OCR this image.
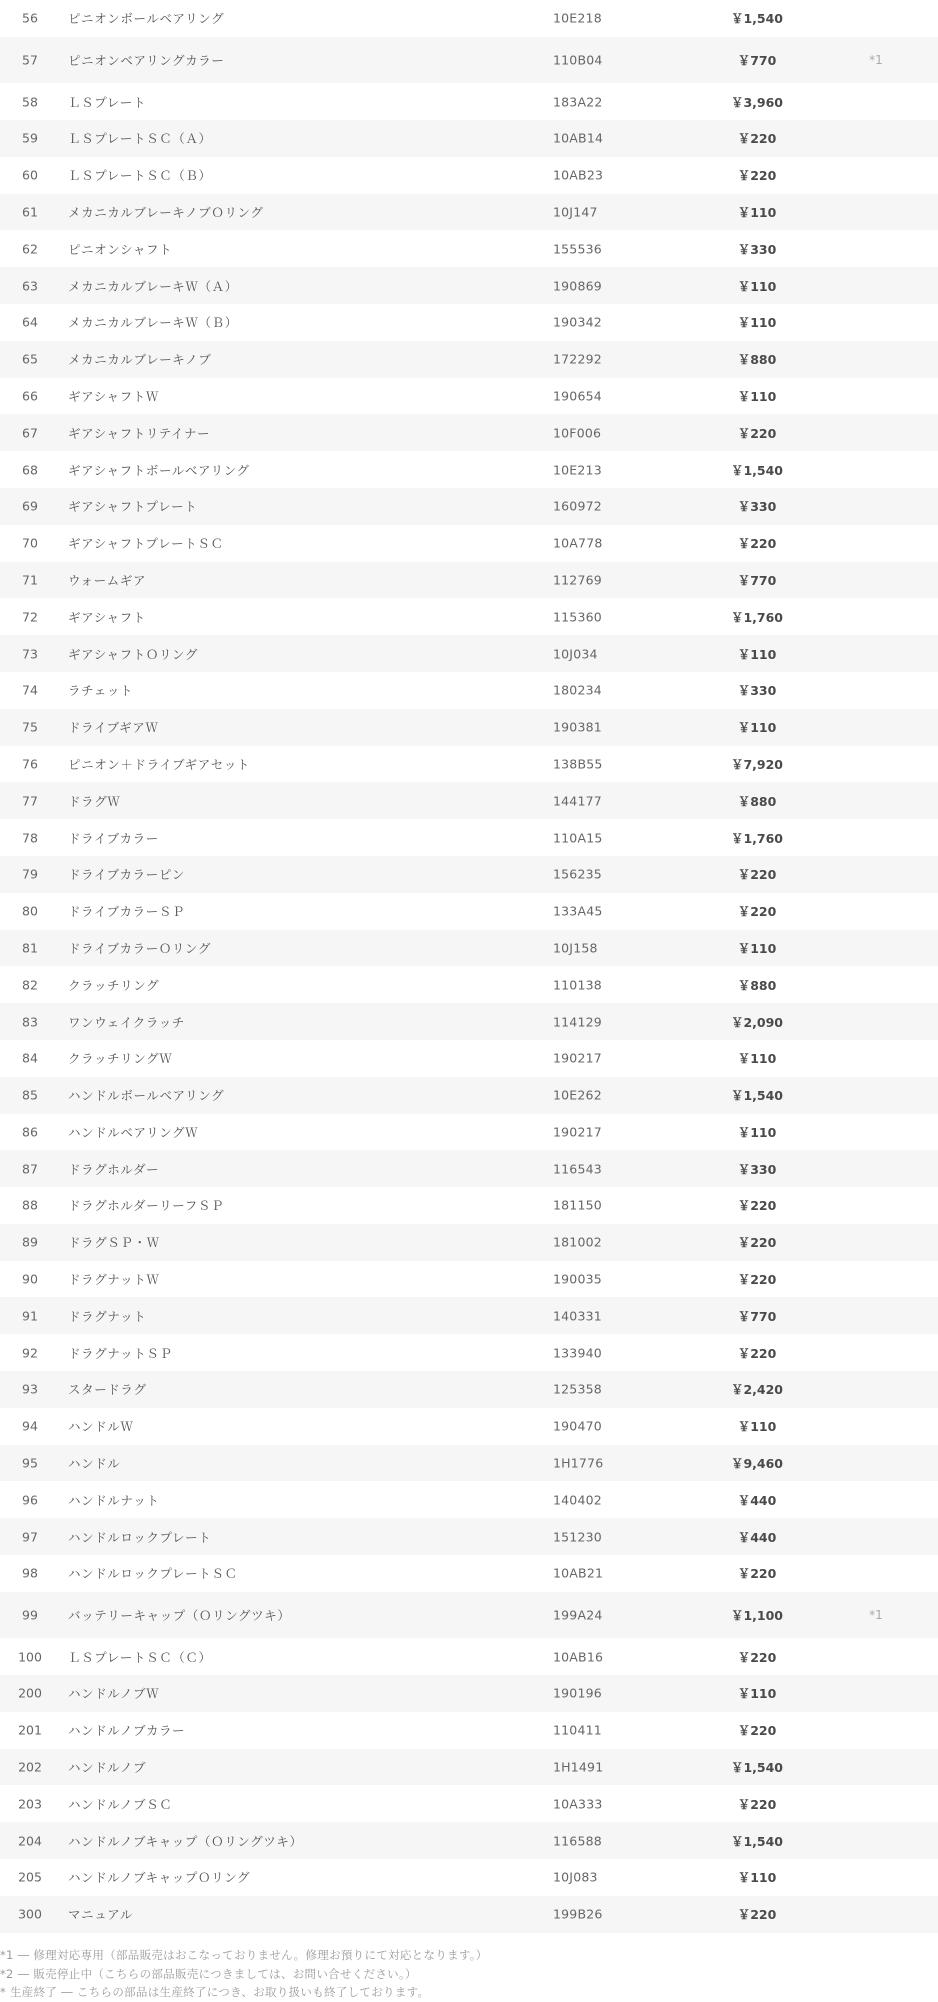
56	ピニオンボールベアリング	10E218	￥1,540
57	ピニオンベアリングカラー	110B04	￥770	*1
58	ＬＳプレート	183A22	￥3,960
59	ＬＳプレートＳＣ（Ａ）	10AB14	￥220
60	ＬＳプレートＳＣ（Ｂ）	10AB23	￥220
61	メカニカルブレーキノブＯリング	10J147	￥110
62	ピニオンシャフト	155536	￥330
63	メカニカルブレーキＷ（Ａ）	190869	￥110
64	メカニカルブレーキＷ（Ｂ）	190342	￥110
65	メカニカルブレーキノブ	172292	￥880
66	ギアシャフトＷ	190654	￥110
67	ギアシャフトリテイナー	10F006	￥220
68	ギアシャフトボールベアリング	10E213	￥1,540
69	ギアシャフトプレート	160972	￥330
70	ギアシャフトプレートＳＣ	10A778	￥220
71	ウォームギア	112769	￥770
72	ギアシャフト	115360	￥1,760
73	ギアシャフトＯリング	10J034	￥110
74	ラチェット	180234	￥330
75	ドライブギアＷ	190381	￥110
76	ピニオン＋ドライブギアセット	138B55	￥7,920
77	ドラグＷ	144177	￥880
78	ドライブカラー	110A15	￥1,760
79	ドライブカラーピン	156235	￥220
80	ドライブカラーＳＰ	133A45	￥220
81	ドライブカラーＯリング	10J158	￥110
82	クラッチリング	110138	￥880
83	ワンウェイクラッチ	114129	￥2,090
84	クラッチリングＷ	190217	￥110
85	ハンドルボールベアリング	10E262	￥1,540
86	ハンドルベアリングＷ	190217	￥110
87	ドラグホルダー	116543	￥330
88	ドラグホルダーリーフＳＰ	181150	￥220
89	ドラグＳＰ・Ｗ	181002	￥220
90	ドラグナットＷ	190035	￥220
91	ドラグナット	140331	￥770
92	ドラグナットＳＰ	133940	￥220
93	スタードラグ	125358	￥2,420
94	ハンドルＷ	190470	￥110
95	ハンドル	1H1776	￥9,460
96	ハンドルナット	140402	￥440
97	ハンドルロックプレート	151230	￥440
98	ハンドルロックプレートＳＣ	10AB21	￥220
99	バッテリーキャップ（Ｏリングツキ）	199A24	￥1,100	*1
100	ＬＳプレートＳＣ（Ｃ）	10AB16	￥220
200	ハンドルノブＷ	190196	￥110
201	ハンドルノブカラー	110411	￥220
202	ハンドルノブ	1H1491	￥1,540
203	ハンドルノブＳＣ	10A333	￥220
204	ハンドルノブキャップ（Ｏリングツキ）	116588	￥1,540
205	ハンドルノブキャップＯリング	10J083	￥110
300	マニュアル	199B26	￥220
*1 ― 修理対応専用（部品販売はおこなっておりません。修理お預りにて対応となります。）
*2 ― 販売停止中（こちらの部品販売につきましては、お問い合せください。）
* 生産終了 ― こちらの部品は生産終了につき、お取り扱いも終了しております。
